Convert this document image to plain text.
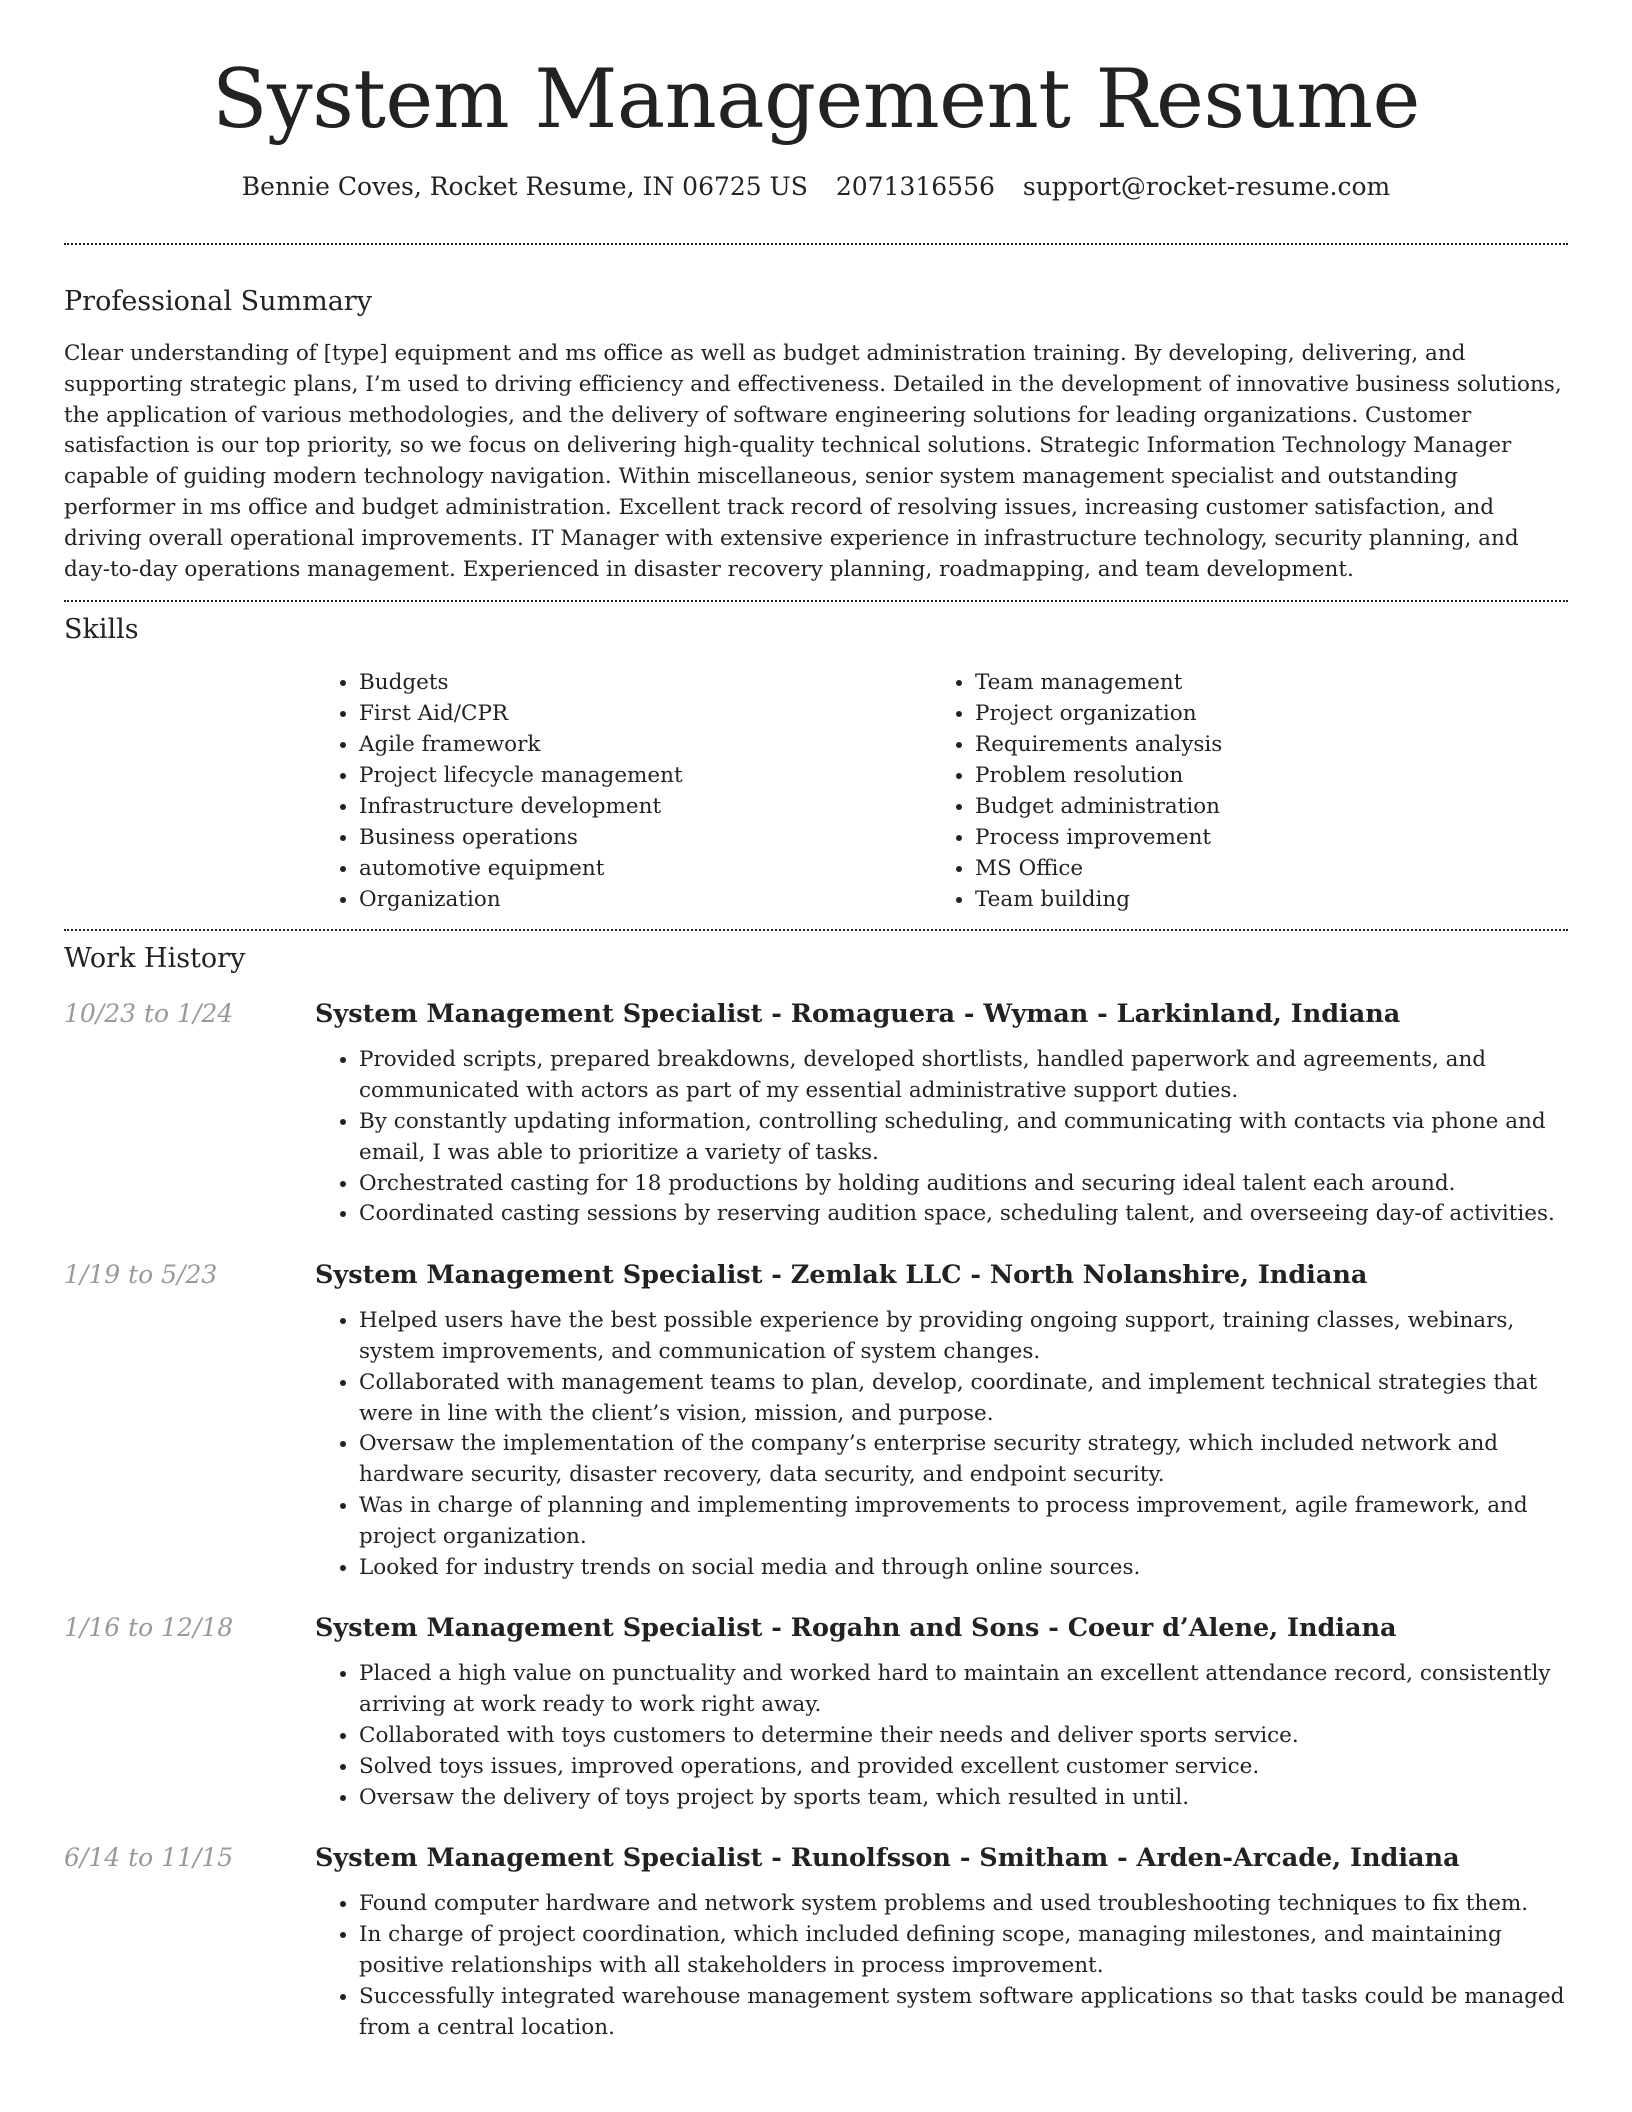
System Management Resume
Bennie Coves, Rocket Resume, IN 06725 US 2071316556 support@rocket-resume.com
Professional Summary

Clear understanding of [type] equipment and ms office as well as budget administration training. By developing, delivering, and supporting strategic plans, I’m used to driving efficiency and effectiveness. Detailed in the development of innovative business solutions, the application of various methodologies, and the delivery of software engineering solutions for leading organizations. Customer satisfaction is our top priority, so we focus on delivering high-quality technical solutions. Strategic Information Technology Manager capable of guiding modern technology navigation. Within miscellaneous, senior system management specialist and outstanding performer in ms office and budget administration. Excellent track record of resolving issues, increasing customer satisfaction, and driving overall operational improvements. IT Manager with extensive experience in infrastructure technology, security planning, and day-to-day operations management. Experienced in disaster recovery planning, roadmapping, and team development.

Skills
• Budgets
• First Aid/CPR
• Agile framework
• Project lifecycle management
• Infrastructure development
• Business operations
• automotive equipment
• Organization
• Team management
• Project organization
• Requirements analysis
• Problem resolution
• Budget administration
• Process improvement
• MS Office
• Team building
Work History
10/23 to 1/24	System Management Specialist - Romaguera - Wyman - Larkinland, Indiana
• Provided scripts, prepared breakdowns, developed shortlists, handled paperwork and agreements, and communicated with actors as part of my essential administrative support duties.
• By constantly updating information, controlling scheduling, and communicating with contacts via phone and email, I was able to prioritize a variety of tasks.
• Orchestrated casting for 18 productions by holding auditions and securing ideal talent each around.
• Coordinated casting sessions by reserving audition space, scheduling talent, and overseeing day-of activities.
1/19 to 5/23	System Management Specialist - Zemlak LLC - North Nolanshire, Indiana
• Helped users have the best possible experience by providing ongoing support, training classes, webinars, system improvements, and communication of system changes.
• Collaborated with management teams to plan, develop, coordinate, and implement technical strategies that were in line with the client’s vision, mission, and purpose.
• Oversaw the implementation of the company’s enterprise security strategy, which included network and hardware security, disaster recovery, data security, and endpoint security.
• Was in charge of planning and implementing improvements to process improvement, agile framework, and project organization.
• Looked for industry trends on social media and through online sources.
1/16 to 12/18	System Management Specialist - Rogahn and Sons - Coeur d’Alene, Indiana
• Placed a high value on punctuality and worked hard to maintain an excellent attendance record, consistently arriving at work ready to work right away.
• Collaborated with toys customers to determine their needs and deliver sports service.
• Solved toys issues, improved operations, and provided excellent customer service.
• Oversaw the delivery of toys project by sports team, which resulted in until.
6/14 to 11/15	System Management Specialist - Runolfsson - Smitham - Arden-Arcade, Indiana
• Found computer hardware and network system problems and used troubleshooting techniques to fix them.
• In charge of project coordination, which included defining scope, managing milestones, and maintaining positive relationships with all stakeholders in process improvement.
• Successfully integrated warehouse management system software applications so that tasks could be managed from a central location.
